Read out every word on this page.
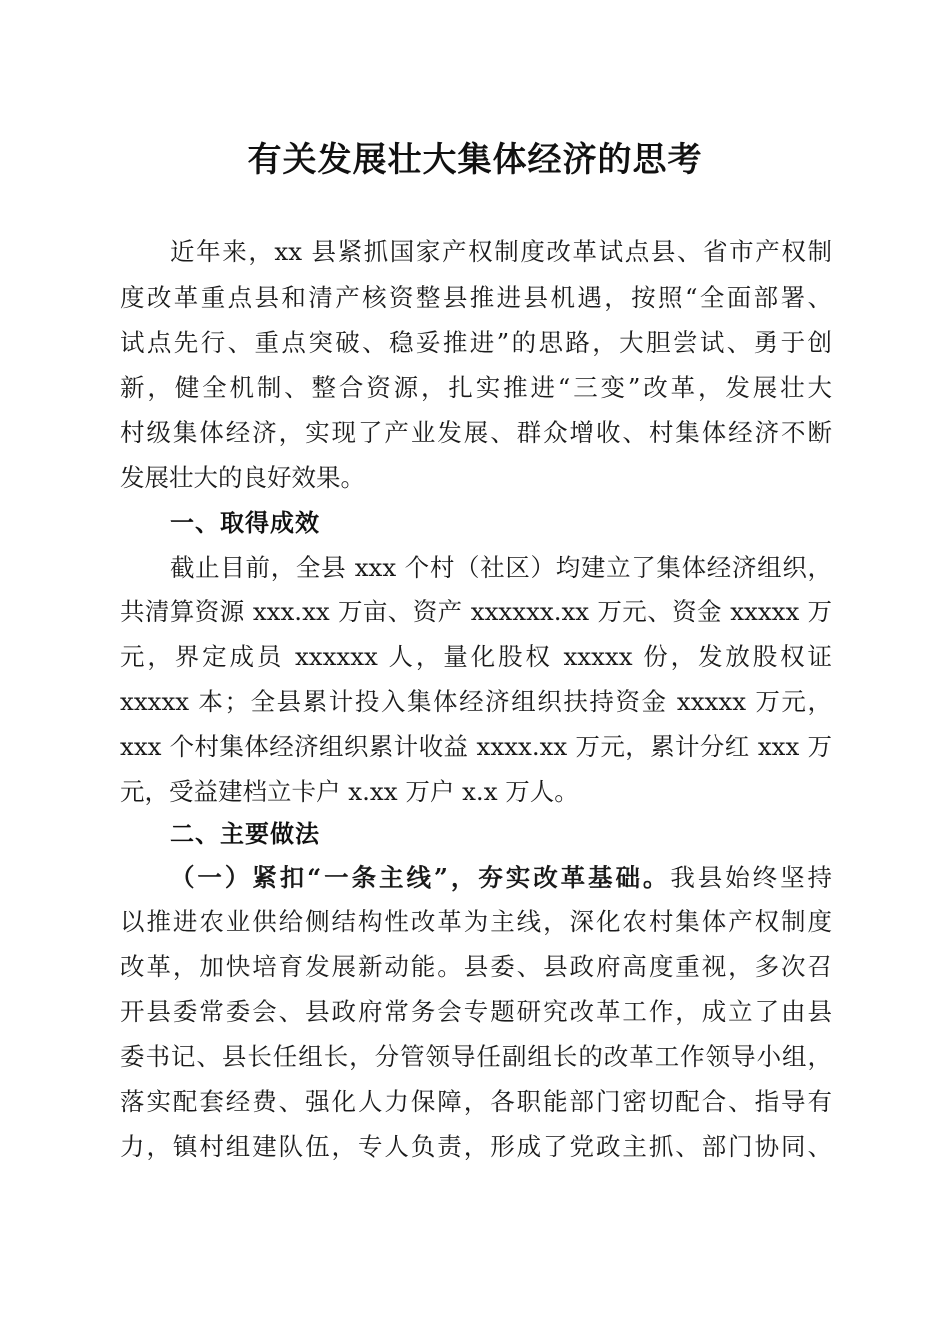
有关发展壮大集体经济的思考
近年来，xx 县紧抓国家产权制度改革试点县、省市产权制
度改革重点县和清产核资整县推进县机遇，按照“全面部署、
试点先行、重点突破、稳妥推进”的思路，大胆尝试、勇于创
新，健全机制、整合资源，扎实推进“三变”改革，发展壮大
村级集体经济，实现了产业发展、群众增收、村集体经济不断
发展壮大的良好效果。
一、取得成效
截止目前，全县 xxx 个村（社区）均建立了集体经济组织，
共清算资源 xxx.xx 万亩、资产 xxxxxx.xx 万元、资金 xxxxx 万
元，界定成员 xxxxxx 人，量化股权 xxxxx 份，发放股权证
xxxxx 本；全县累计投入集体经济组织扶持资金 xxxxx 万元，
xxx 个村集体经济组织累计收益 xxxx.xx 万元，累计分红 xxx 万
元，受益建档立卡户 x.xx 万户 x.x 万人。
二、主要做法
（一）紧扣“一条主线”，夯实改革基础。我县始终坚持
以推进农业供给侧结构性改革为主线，深化农村集体产权制度
改革，加快培育发展新动能。县委、县政府高度重视，多次召
开县委常委会、县政府常务会专题研究改革工作，成立了由县
委书记、县长任组长，分管领导任副组长的改革工作领导小组，
落实配套经费、强化人力保障，各职能部门密切配合、指导有
力，镇村组建队伍，专人负责，形成了党政主抓、部门协同、
